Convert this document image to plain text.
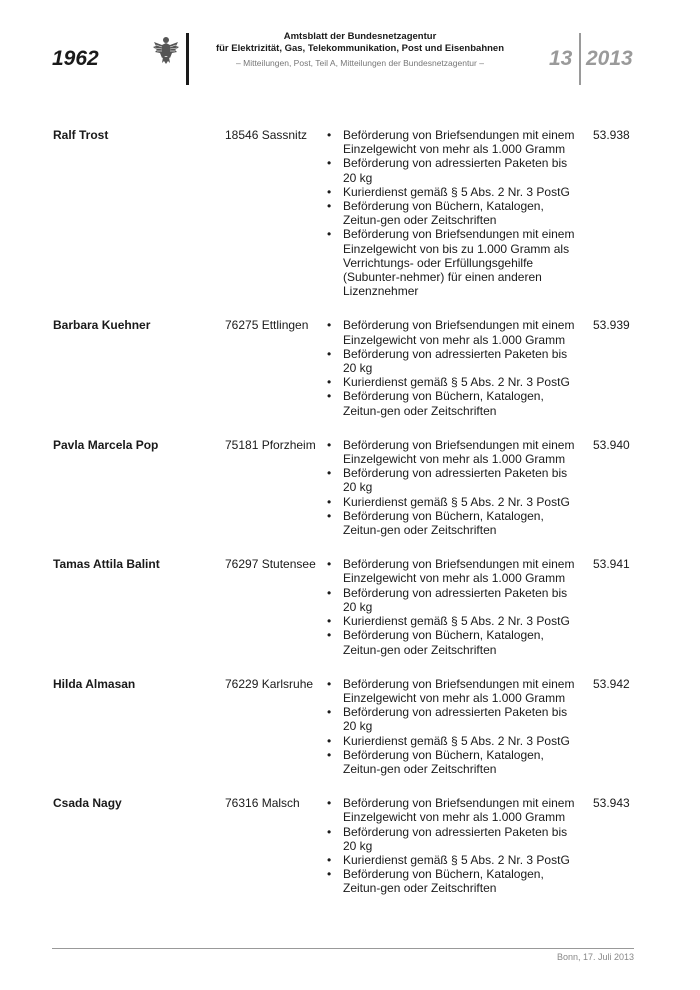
1962
Amtsblatt der Bundesnetzagentur
für Elektrizität, Gas, Telekommunikation, Post und Eisenbahnen
– Mitteilungen, Post, Teil A, Mitteilungen der Bundesnetzagentur –	13 2013
Ralf Trost	18546 Sassnitz	53.938
• Beförderung von Briefsendungen mit einem Einzelgewicht von mehr als 1.000 Gramm
• Beförderung von adressierten Paketen bis 20 kg
• Kurierdienst gemäß § 5 Abs. 2 Nr. 3 PostG
• Beförderung von Büchern, Katalogen, Zeitun-gen oder Zeitschriften
• Beförderung von Briefsendungen mit einem Einzelgewicht von bis zu 1.000 Gramm als Verrichtungs- oder Erfüllungsgehilfe (Subunter-nehmer) für einen anderen Lizenznehmer
Barbara Kuehner	76275 Ettlingen	53.939
• Beförderung von Briefsendungen mit einem Einzelgewicht von mehr als 1.000 Gramm
• Beförderung von adressierten Paketen bis 20 kg
• Kurierdienst gemäß § 5 Abs. 2 Nr. 3 PostG
• Beförderung von Büchern, Katalogen, Zeitun-gen oder Zeitschriften
Pavla Marcela Pop	75181 Pforzheim	53.940
• Beförderung von Briefsendungen mit einem Einzelgewicht von mehr als 1.000 Gramm
• Beförderung von adressierten Paketen bis 20 kg
• Kurierdienst gemäß § 5 Abs. 2 Nr. 3 PostG
• Beförderung von Büchern, Katalogen, Zeitun-gen oder Zeitschriften
Tamas Attila Balint	76297 Stutensee	53.941
• Beförderung von Briefsendungen mit einem Einzelgewicht von mehr als 1.000 Gramm
• Beförderung von adressierten Paketen bis 20 kg
• Kurierdienst gemäß § 5 Abs. 2 Nr. 3 PostG
• Beförderung von Büchern, Katalogen, Zeitun-gen oder Zeitschriften
Hilda Almasan	76229 Karlsruhe	53.942
• Beförderung von Briefsendungen mit einem Einzelgewicht von mehr als 1.000 Gramm
• Beförderung von adressierten Paketen bis 20 kg
• Kurierdienst gemäß § 5 Abs. 2 Nr. 3 PostG
• Beförderung von Büchern, Katalogen, Zeitun-gen oder Zeitschriften
Csada Nagy	76316 Malsch	53.943
• Beförderung von Briefsendungen mit einem Einzelgewicht von mehr als 1.000 Gramm
• Beförderung von adressierten Paketen bis 20 kg
• Kurierdienst gemäß § 5 Abs. 2 Nr. 3 PostG
• Beförderung von Büchern, Katalogen, Zeitun-gen oder Zeitschriften
Bonn, 17. Juli 2013
